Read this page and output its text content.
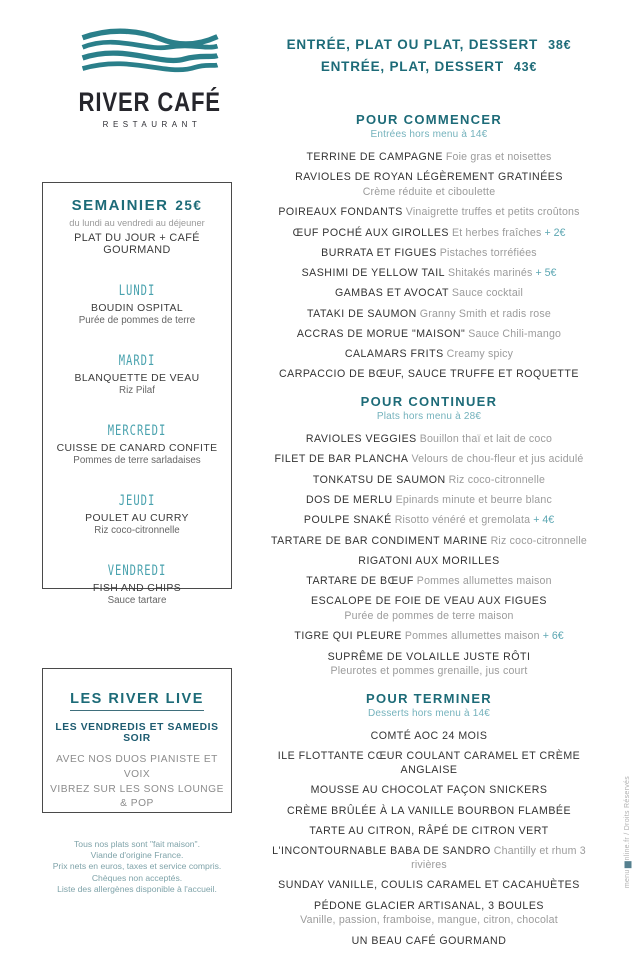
RIVER CAFÉ
RESTAURANT
ENTRÉE, PLAT OU PLAT, DESSERT 38€
ENTRÉE, PLAT, DESSERT 43€
POUR COMMENCER
Entrées hors menu à 14€
TERRINE DE CAMPAGNE Foie gras et noisettes
RAVIOLES DE ROYAN LÉGÈREMENT GRATINÉES
Crème réduite et ciboulette
POIREAUX FONDANTS Vinaigrette truffes et petits croûtons
ŒUF POCHÉ AUX GIROLLES Et herbes fraîches + 2€
BURRATA ET FIGUES Pistaches torréfiées
SASHIMI DE YELLOW TAIL Shitakés marinés + 5€
GAMBAS ET AVOCAT Sauce cocktail
TATAKI DE SAUMON Granny Smith et radis rose
ACCRAS DE MORUE "MAISON" Sauce Chili-mango
CALAMARS FRITS Creamy spicy
CARPACCIO DE BŒUF, SAUCE TRUFFE ET ROQUETTE
POUR CONTINUER
Plats hors menu à 28€
RAVIOLES VEGGIES Bouillon thaï et lait de coco
FILET DE BAR PLANCHA Velours de chou-fleur et jus acidulé
TONKATSU DE SAUMON Riz coco-citronnelle
DOS DE MERLU Epinards minute et beurre blanc
POULPE SNAKÉ Risotto vénéré et gremolata + 4€
TARTARE DE BAR CONDIMENT MARINE Riz coco-citronnelle
RIGATONI AUX MORILLES
TARTARE DE BŒUF Pommes allumettes maison
ESCALOPE DE FOIE DE VEAU AUX FIGUES
Purée de pommes de terre maison
TIGRE QUI PLEURE Pommes allumettes maison + 6€
SUPRÊME DE VOLAILLE JUSTE RÔTI
Pleurotes et pommes grenaille, jus court
POUR TERMINER
Desserts hors menu à 14€
COMTÉ AOC 24 MOIS
ILE FLOTTANTE CŒUR COULANT CARAMEL ET CRÈME ANGLAISE
MOUSSE AU CHOCOLAT FAÇON SNICKERS
CRÈME BRÛLÉE À LA VANILLE BOURBON FLAMBÉE
TARTE AU CITRON, RÂPÉ DE CITRON VERT
L'INCONTOURNABLE BABA DE SANDRO Chantilly et rhum 3 rivières
SUNDAY VANILLE, COULIS CARAMEL ET CACAHUÈTES
PÉDONE GLACIER ARTISANAL, 3 BOULES
Vanille, passion, framboise, mangue, citron, chocolat
UN BEAU CAFÉ GOURMAND
SEMAINIER 25€
du lundi au vendredi au déjeuner
PLAT DU JOUR + CAFÉ GOURMAND
LUNDI
BOUDIN OSPITAL
Purée de pommes de terre
MARDI
BLANQUETTE DE VEAU
Riz Pilaf
MERCREDI
CUISSE DE CANARD CONFITE
Pommes de terre sarladaises
JEUDI
POULET AU CURRY
Riz coco-citronnelle
VENDREDI
FISH AND CHIPS
Sauce tartare
LES RIVER LIVE
LES VENDREDIS ET SAMEDIS SOIR
AVEC NOS DUOS PIANISTE ET VOIX
VIBREZ SUR LES SONS LOUNGE & POP
Tous nos plats sont "fait maison".
Viande d'origine France.
Prix nets en euros, taxes et service compris.
Chèques non acceptés.
Liste des allergènes disponible à l'accueil.
menunline.fr / Droits Réservés
